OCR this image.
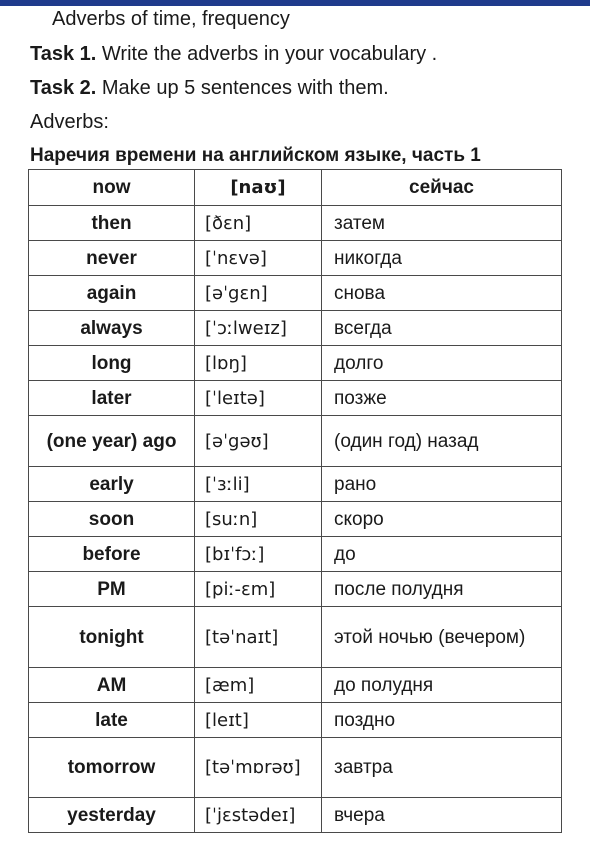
Adverbs of time, frequency
Task 1. Write the adverbs in your vocabulary .
Task 2. Make up 5 sentences with them.
Adverbs:
Наречия времени на английском языке, часть 1
now	[naʊ]	сейчас
then	[ðɛn]	затем
never	[ˈnɛvə]	никогда
again	[əˈgɛn]	снова
always	[ˈɔːlweɪz]	всегда
long	[lɒŋ]	долго
later	[ˈleɪtə]	позже
(one year) ago	[əˈgəʊ]	(один год) назад
early	[ˈɜːli]	рано
soon	[suːn]	скоро
before	[bɪˈfɔː]	до
PM	[piː-ɛm]	после полудня
tonight	[təˈnaɪt]	этой ночью (вечером)
AM	[æm]	до полудня
late	[leɪt]	поздно
tomorrow	[təˈmɒrəʊ]	завтра
yesterday	[ˈjɛstədeɪ]	вчера
